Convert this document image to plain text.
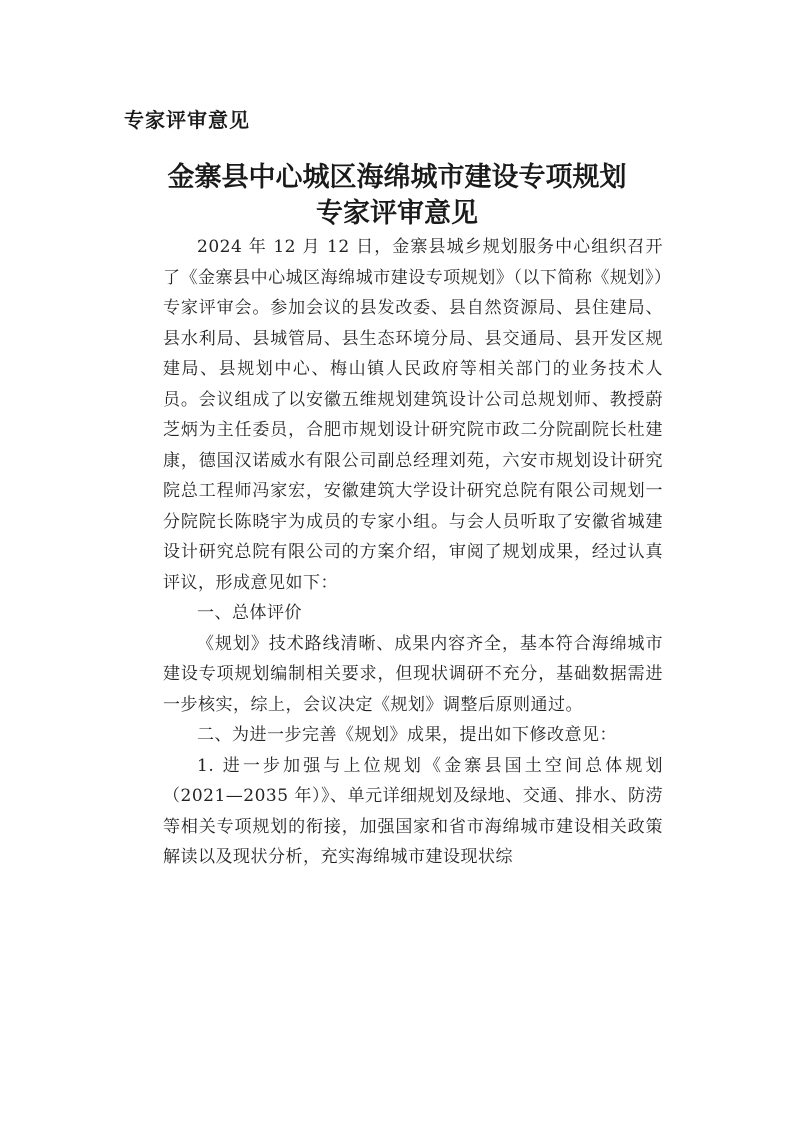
专家评审意见
金寨县中心城区海绵城市建设专项规划
专家评审意见

2024 年 12 月 12 日，金寨县城乡规划服务中心组织召开了《金寨县中心城区海绵城市建设专项规划》（以下简称《规划》）专家评审会。参加会议的县发改委、县自然资源局、县住建局、县水利局、县城管局、县生态环境分局、县交通局、县开发区规建局、县规划中心、梅山镇人民政府等相关部门的业务技术人员。会议组成了以安徽五维规划建筑设计公司总规划师、教授蔚芝炳为主任委员，合肥市规划设计研究院市政二分院副院长杜建康，德国汉诺威水有限公司副总经理刘苑，六安市规划设计研究院总工程师冯家宏，安徽建筑大学设计研究总院有限公司规划一分院院长陈晓宇为成员的专家小组。与会人员听取了安徽省城建设计研究总院有限公司的方案介绍，审阅了规划成果，经过认真评议，形成意见如下：

一、总体评价

《规划》技术路线清晰、成果内容齐全，基本符合海绵城市建设专项规划编制相关要求，但现状调研不充分，基础数据需进一步核实，综上，会议决定《规划》调整后原则通过。

二、为进一步完善《规划》成果，提出如下修改意见：

1. 进一步加强与上位规划《金寨县国土空间总体规划（2021—2035 年）》、单元详细规划及绿地、交通、排水、防涝等相关专项规划的衔接，加强国家和省市海绵城市建设相关政策解读以及现状分析，充实海绵城市建设现状综
